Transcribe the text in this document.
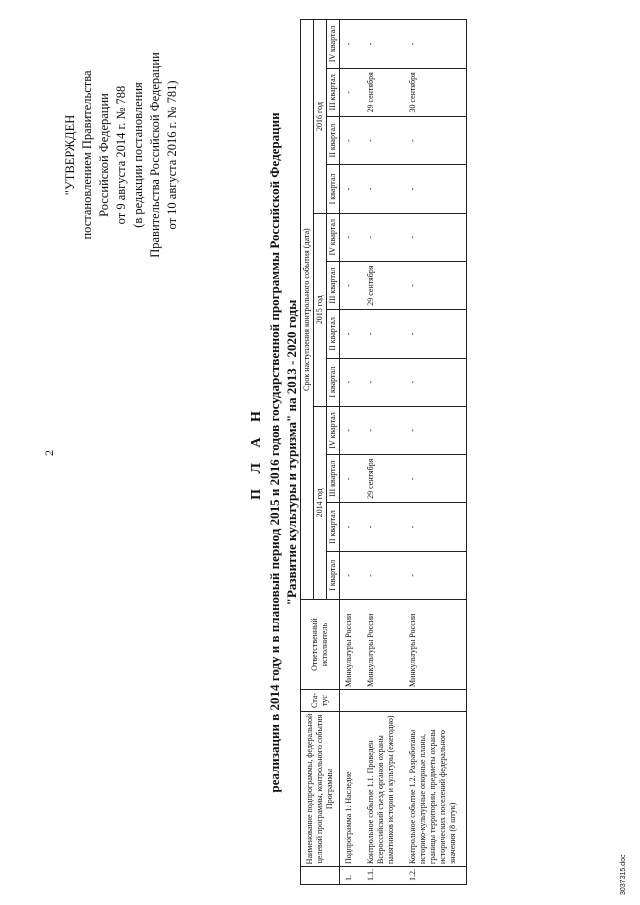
2
"УТВЕРЖДЕН постановлением Правительства Российской Федерации от 9 августа 2014 г. № 788 (в редакции постановления Правительства Российской Федерации от 10 августа 2016 г. № 781)
П Л А Н реализации в 2014 году и в плановый период 2015 и 2016 годов государственной программы Российской Федерации "Развитие культуры и туризма" на 2013 - 2020 годы
	Наименование подпрограммы, федеральной целевой программы, контрольного события Программы	Ста-тус	Ответственный исполнитель	Срок наступления контрольного события (дата)											
				2014 год				2015 год				2016 год			
				I квартал	II квартал	III квартал	IV квартал	I квартал	II квартал	III квартал	IV квартал	I квартал	II квартал	III квартал	IV квартал
1.	Подпрограмма 1. Наследие		Минкультуры России	-	-	-	-	-	-	-	-	-	-	-	-
1.1.	Контрольное событие 1.1. Проведен Всероссийский съезд органов охраны памятников истории и культуры (ежегодно)		Минкультуры России	-	-	29 сентября	-	-	-	29 сентября	-	-	-	29 сентября	-
1.2.	Контрольное событие 1.2. Разработаны историко-культурные опорные планы, границы территории, предметы охраны исторических поселений федерального значения (8 штук)		Минкультуры России	-	-	-	-	-	-	-	-	-	-	30 сентября	-
3037315.doc
